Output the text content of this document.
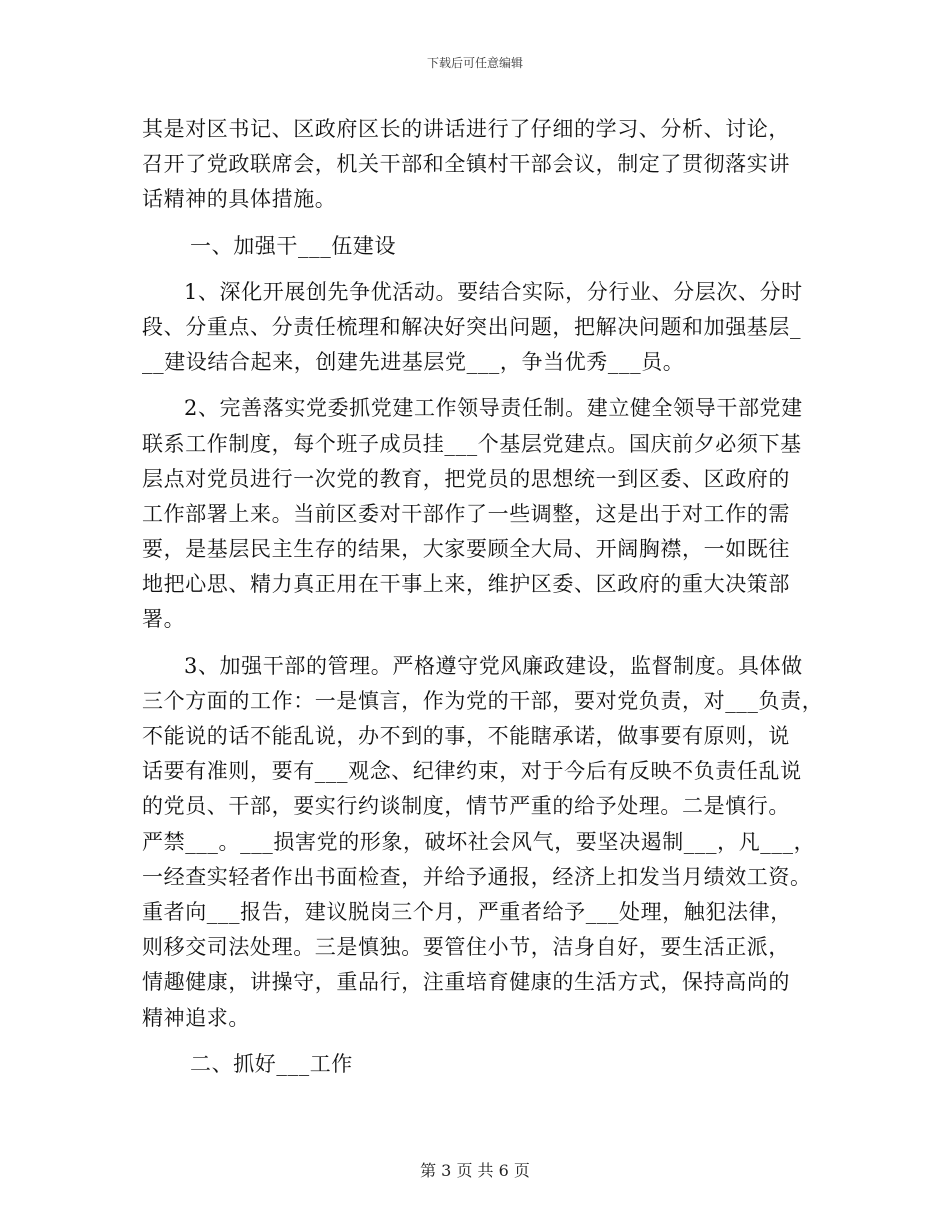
下载后可任意编辑
其是对区书记、区政府区长的讲话进行了仔细的学习、分析、讨论，
召开了党政联席会，机关干部和全镇村干部会议，制定了贯彻落实讲
话精神的具体措施。
一、加强干___伍建设
1、深化开展创先争优活动。要结合实际，分行业、分层次、分时
段、分重点、分责任梳理和解决好突出问题，把解决问题和加强基层_
__建设结合起来，创建先进基层党___，争当优秀___员。
2、完善落实党委抓党建工作领导责任制。建立健全领导干部党建
联系工作制度，每个班子成员挂___个基层党建点。国庆前夕必须下基
层点对党员进行一次党的教育，把党员的思想统一到区委、区政府的
工作部署上来。当前区委对干部作了一些调整，这是出于对工作的需
要，是基层民主生存的结果，大家要顾全大局、开阔胸襟，一如既往
地把心思、精力真正用在干事上来，维护区委、区政府的重大决策部
署。
3、加强干部的管理。严格遵守党风廉政建设，监督制度。具体做
三个方面的工作：一是慎言，作为党的干部，要对党负责，对___负责，
不能说的话不能乱说，办不到的事，不能瞎承诺，做事要有原则，说
话要有准则，要有___观念、纪律约束，对于今后有反映不负责任乱说
的党员、干部，要实行约谈制度，情节严重的给予处理。二是慎行。
严禁___。___损害党的形象，破坏社会风气，要坚决遏制___，凡___，
一经查实轻者作出书面检查，并给予通报，经济上扣发当月绩效工资。
重者向___报告，建议脱岗三个月，严重者给予___处理，触犯法律，
则移交司法处理。三是慎独。要管住小节，洁身自好，要生活正派，
情趣健康，讲操守，重品行，注重培育健康的生活方式，保持高尚的
精神追求。
二、抓好___工作
第 3 页 共 6 页
